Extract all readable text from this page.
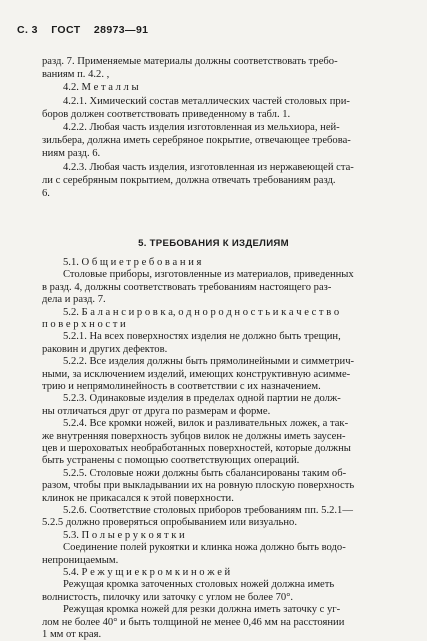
С. 3 ГОСТ 28973—91
разд. 7. Применяемые материалы должны соответствовать требо-
ваниям п. 4.2. ,
4.2. М е т а л л ы
4.2.1. Химический состав металлических частей столовых при-
боров должен соответствовать приведенному в табл. 1.
4.2.2. Любая часть изделия изготовленная из мельхиора, ней-
зильбера, должна иметь серебряное покрытие, отвечающее требова-
ниям разд. 6.
4.2.3. Любая часть изделия, изготовленная из нержавеющей ста-
ли с серебряным покрытием, должна отвечать требованиям разд.
6.
5. ТРЕБОВАНИЯ К ИЗДЕЛИЯМ
5.1. О б щ и е т р е б о в а н и я
Столовые приборы, изготовленные из материалов, приведенных
в разд. 4, должны соответствовать требованиям настоящего раз-
дела и разд. 7.
5.2. Б а л а н с и р о в к а, о д н о р о д н о с т ь и к а ч е с т в о
п о в е р х н о с т и
5.2.1. На всех поверхностях изделия не должно быть трещин,
раковин и других дефектов.
5.2.2. Все изделия должны быть прямолинейными и симметрич-
ными, за исключением изделий, имеющих конструктивную асимме-
трию и непрямолинейность в соответствии с их назначением.
5.2.3. Одинаковые изделия в пределах одной партии не долж-
ны отличаться друг от друга по размерам и форме.
5.2.4. Все кромки ножей, вилок и разливательных ложек, а так-
же внутренняя поверхность зубцов вилок не должны иметь заусен-
цев и шероховатых необработанных поверхностей, которые должны
быть устранены с помощью соответствующих операций.
5.2.5. Столовые ножи должны быть сбалансированы таким об-
разом, чтобы при выкладывании их на ровную плоскую поверхность
клинок не прикасался к этой поверхности.
5.2.6. Соответствие столовых приборов требованиям пп. 5.2.1—
5.2.5 должно проверяться опробыванием или визуально.
5.3. П о л ы е р у к о я т к и
Соединение полей рукоятки и клинка ножа должно быть водо-
непроницаемым.
5.4. Р е ж у щ и е к р о м к и н о ж е й
Режущая кромка заточенных столовых ножей должна иметь
волнистость, пилочку или заточку с углом не более 70°.
Режущая кромка ножей для резки должна иметь заточку с уг-
лом не более 40° и быть толщиной не менее 0,46 мм на расстоянии
1 мм от края.
